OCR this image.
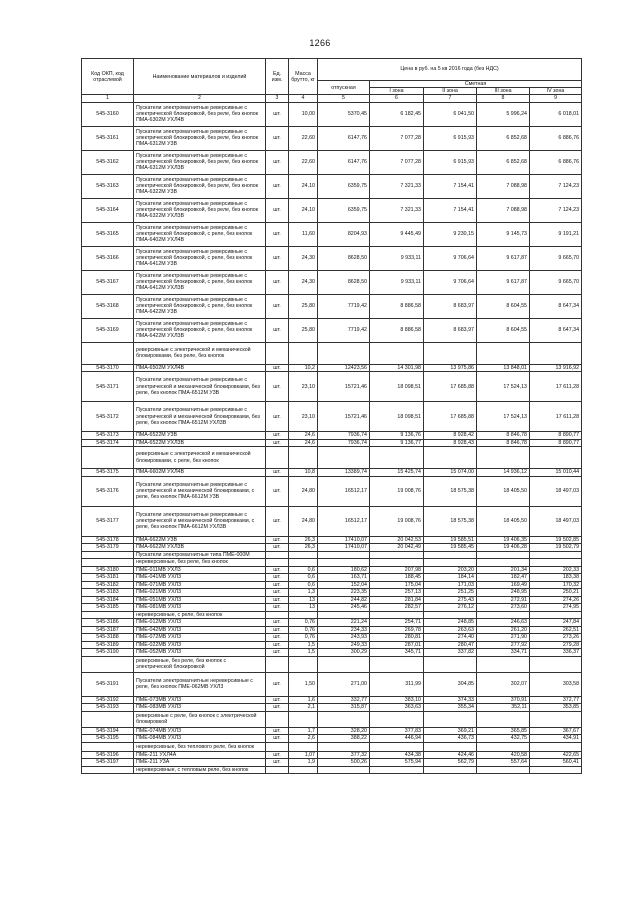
1266
Код ОКП, код отраслевой	Наименование материалов и изделий	Ед. изм.	Масса брутто, кг	Цена в руб. на 5 кв 2016 года (без НДС)				
				отпускная	Сметная			
					I зона	II зона	III зона	IV зона
1	2	3	4	5	6	7	8	9
545-3160	Пускатели электромагнитные реверсивные с электрической блокировкой, без реле, без кнопок ПМА-6302М УХЛ4В	шт.	10,00	5370,45	6 182,45	6 041,50	5 996,24	6 018,01
545-3161	Пускатели электромагнитные реверсивные с электрической блокировкой, без реле, без кнопок ПМА-6312М У3В	шт.	22,60	6147,76	7 077,28	6 915,93	6 852,68	6 886,76
545-3162	Пускатели электромагнитные реверсивные с электрической блокировкой, без реле, без кнопок ПМА-6312М УХЛ3В	шт.	22,60	6147,76	7 077,28	6 915,93	6 852,68	6 886,76
545-3163	Пускатели электромагнитные реверсивные с электрической блокировкой, без реле, без кнопок ПМА-6322М У3В	шт.	24,10	6359,75	7 321,33	7 154,41	7 088,98	7 124,23
545-3164	Пускатели электромагнитные реверсивные с электрической блокировкой, без реле, без кнопок ПМА-6322М УХЛ3В	шт.	24,10	6359,75	7 321,33	7 154,41	7 088,98	7 124,23
545-3165	Пускатели электромагнитные реверсивные с электрической блокировкой, с реле, без кнопок ПМА-6402М УХЛ4В	шт.	11,60	8204,93	9 445,49	9 230,15	9 145,73	9 191,21
545-3166	Пускатели электромагнитные реверсивные с электрической блокировкой, с реле, без кнопок ПМА-6412М У3В	шт.	24,30	8628,50	9 933,11	9 706,64	9 617,87	9 665,70
545-3167	Пускатели электромагнитные реверсивные с электрической блокировкой, с реле, без кнопок ПМА-6412М УХЛ3В	шт.	24,30	8628,50	9 933,11	9 706,64	9 617,87	9 665,70
545-3168	Пускатели электромагнитные реверсивные с электрической блокировкой, с реле, без кнопок ПМА-6422М У3В	шт.	25,80	7719,42	8 886,58	8 683,97	8 604,55	8 647,34
545-3169	Пускатели электромагнитные реверсивные с электрической блокировкой, с реле, без кнопок ПМА-6422М УХЛ3В	шт.	25,80	7719,42	8 886,58	8 683,97	8 604,55	8 647,34
	реверсивные с электрической и механической блокировками, без реле, без кнопок							
545-3170	ПМА-6502М УХЛ4В	шт.	10,2	12423,56	14 301,98	13 975,86	13 848,01	13 916,92
545-3171	Пускатели электромагнитные реверсивные с электрической и механической блокировками, без реле, без кнопок ПМА-6512М У3В	шт.	23,10	15721,46	18 098,51	17 685,88	17 524,13	17 611,28
545-3172	Пускатели электромагнитные реверсивные с электрической и механической блокировками, без реле, без кнопок ПМА-6512М УХЛ3В	шт.	23,10	15721,46	18 098,51	17 685,88	17 524,13	17 611,28
545-3173	ПМА-6522М У3В	шт.	24,6	7936,74	9 136,76	8 928,42	8 846,78	8 890,77
545-3174	ПМА-6522М УХЛ3В	шт.	24,6	7936,74	9 136,77	8 928,43	8 846,78	8 890,77
	реверсивные с электрической и механической блокировками, с реле, без кнопок							
545-3175	ПМА-6602М УХЛ4В	шт.	10,8	13389,74	15 425,74	15 074,00	14 936,12	15 010,44
545-3176	Пускатели электромагнитные реверсивные с электрической и механической блокировками, с реле, без кнопок ПМА-6612М У3В	шт.	24,80	16512,17	19 008,76	18 575,38	18 405,50	18 497,03
545-3177	Пускатели электромагнитные реверсивные с электрической и механической блокировками, с реле, без кнопок ПМА-6612М УХЛ3В	шт.	24,80	16512,17	19 008,76	18 575,38	18 405,50	18 497,03
545-3178	ПМА-6622М У3В	шт.	26,3	17410,07	20 042,53	19 585,51	19 406,35	19 502,85
545-3179	ПМА-6622М УХЛ3В	шт.	26,3	17410,07	20 042,49	19 585,45	19 406,28	19 502,79
	Пускатели электромагнитные типа ПМЕ-000М							
	нереверсивные, без реле, без кнопок							
545-3180	ПМЕ-011МВ УХЛ3	шт.	0,6	180,62	207,98	203,20	201,34	202,33
545-3181	ПМЕ-041МВ УХЛ3	шт.	0,6	163,71	188,45	184,14	182,47	183,38
545-3182	ПМЕ-071МВ УХЛ3	шт.	0,6	152,04	175,04	171,03	169,49	170,32
545-3183	ПМЕ-021МВ УХЛ3	шт.	1,3	223,35	257,13	251,25	248,95	250,21
545-3184	ПМЕ-051МВ УХЛ3	шт.	13	244,82	281,84	275,43	272,91	274,26
545-3185	ПМЕ-081МВ УХЛ3	шт.	13	245,46	282,57	276,12	273,60	274,95
	нереверсивные, с реле, без кнопок							
545-3186	ПМЕ-012МВ УХЛ3	шт.	0,76	221,24	254,71	248,85	246,63	247,84
545-3187	ПМЕ-042МВ УХЛ3	шт.	0,76	234,33	269,78	263,63	261,20	262,51
545-3188	ПМЕ-072МВ УХЛ3	шт.	0,76	243,93	280,81	274,40	271,90	273,26
545-3189	ПМЕ-022МВ УХЛ3	шт.	1,5	249,33	287,01	280,47	277,92	279,28
545-3190	ПМЕ-052МВ УХЛ3	шт.	1,5	300,29	345,71	337,82	334,71	336,37
	реверсивные, без реле, без кнопок с электрической блокировкой							
545-3191	Пускатели электромагнитные нереверсивные с реле, без кнопок ПМЕ-062МВ УХЛ3	шт.	1,50	271,00	311,99	304,85	302,07	303,58
545-3192	ПМЕ-073МВ УХЛ3	шт.	1,6	332,77	383,10	374,33	370,91	372,77
545-3193	ПМЕ-083МВ УХЛ3	шт.	2,1	315,87	363,63	355,34	352,11	353,85
	реверсивные с реле, без кнопок с электрической блокировкой							
545-3194	ПМЕ-074МВ УХЛ3	шт.	1,7	328,20	377,83	369,21	365,85	367,67
545-3195	ПМЕ-084МВ УХЛ3	шт.	2,6	388,22	446,94	436,73	432,75	434,91
	нереверсивные, без теплового реле, без кнопок							
545-3196	ПМЕ-211 УХЛ4А	шт.	1,07	377,32	434,38	424,46	420,58	422,65
545-3197	ПМЕ-211 У3А	шт.	1,9	500,26	575,94	562,79	557,64	560,41
	нереверсивные, с тепловым реле, без кнопок							
